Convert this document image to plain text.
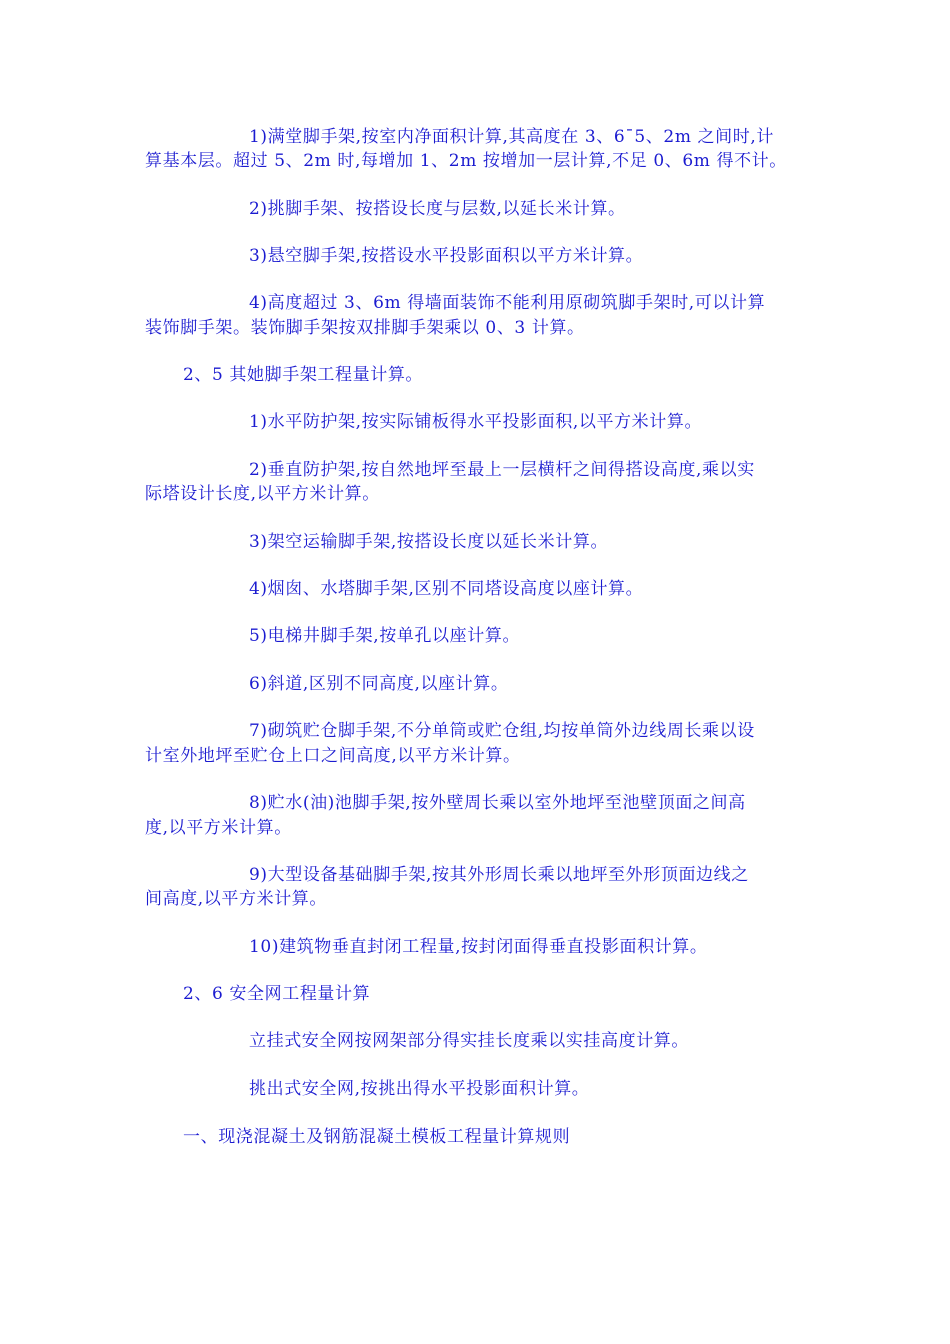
1)满堂脚手架,按室内净面积计算,其高度在 3、6¯5、2m 之间时,计
算基本层。超过 5、2m 时,每增加 1、2m 按增加一层计算,不足 0、6m 得不计。
2)挑脚手架、按搭设长度与层数,以延长米计算。
3)悬空脚手架,按搭设水平投影面积以平方米计算。
4)高度超过 3、6m 得墙面装饰不能利用原砌筑脚手架时,可以计算
装饰脚手架。装饰脚手架按双排脚手架乘以 0、3 计算。
2、5 其她脚手架工程量计算。
1)水平防护架,按实际铺板得水平投影面积,以平方米计算。
2)垂直防护架,按自然地坪至最上一层横杆之间得搭设高度,乘以实
际塔设计长度,以平方米计算。
3)架空运输脚手架,按搭设长度以延长米计算。
4)烟囱、水塔脚手架,区别不同塔设高度以座计算。
5)电梯井脚手架,按单孔以座计算。
6)斜道,区别不同高度,以座计算。
7)砌筑贮仓脚手架,不分单筒或贮仓组,均按单筒外边线周长乘以设
计室外地坪至贮仓上口之间高度,以平方米计算。
8)贮水(油)池脚手架,按外壁周长乘以室外地坪至池壁顶面之间高
度,以平方米计算。
9)大型设备基础脚手架,按其外形周长乘以地坪至外形顶面边线之
间高度,以平方米计算。
10)建筑物垂直封闭工程量,按封闭面得垂直投影面积计算。
2、6 安全网工程量计算
立挂式安全网按网架部分得实挂长度乘以实挂高度计算。
挑出式安全网,按挑出得水平投影面积计算。
一、现浇混凝土及钢筋混凝土模板工程量计算规则
